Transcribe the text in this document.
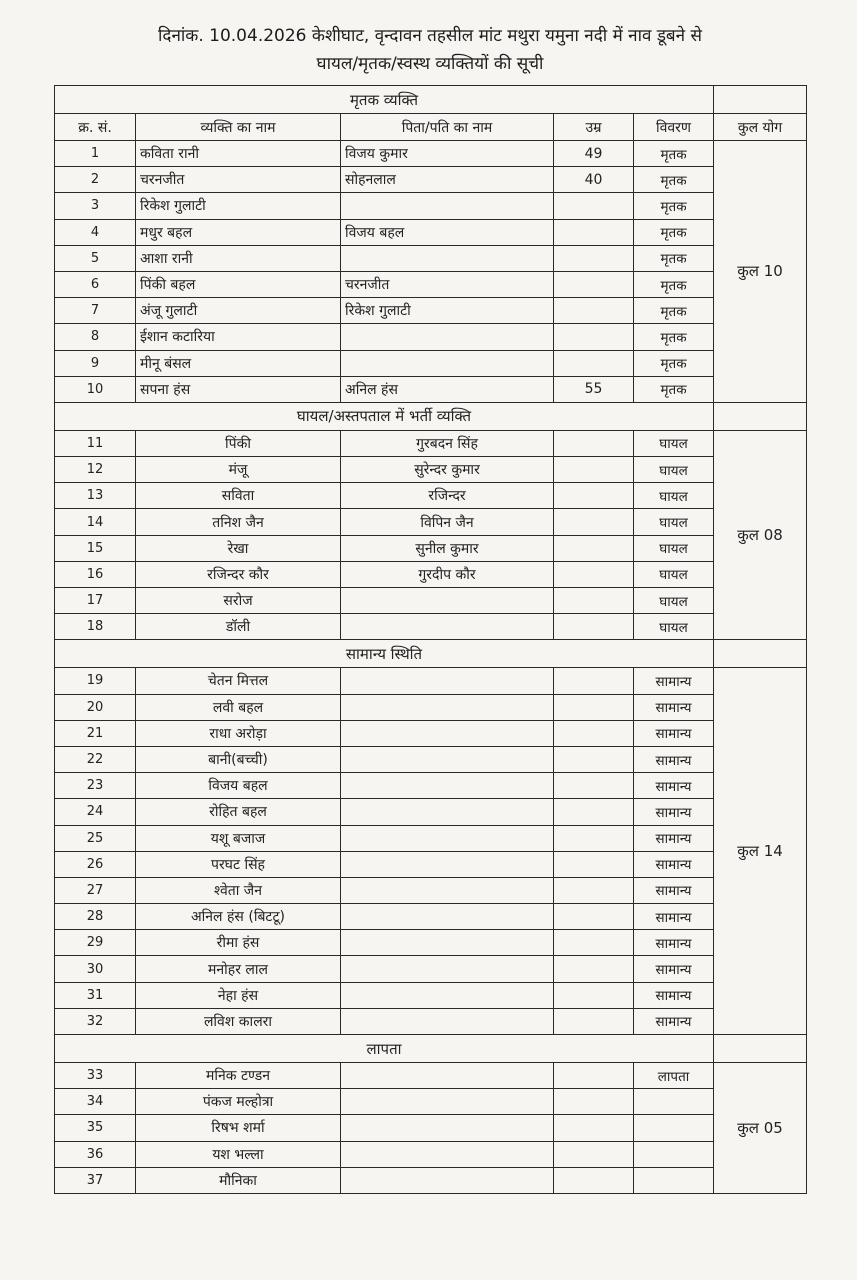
दिनांक. 10.04.2026 केशीघाट, वृन्दावन तहसील मांट मथुरा यमुना नदी में नाव डूबने से
घायल/मृतक/स्वस्थ व्यक्तियों की सूची
मृतक व्यक्ति					
क्र. सं.	व्यक्ति का नाम	पिता/पति का नाम	उम्र	विवरण	कुल योग
1	कविता रानी	विजय कुमार	49	मृतक	कुल 10
2	चरनजीत	सोहनलाल	40	मृतक	
3	रिकेश गुलाटी			मृतक	
4	मधुर बहल	विजय बहल		मृतक	
5	आशा रानी			मृतक	
6	पिंकी बहल	चरनजीत		मृतक	
7	अंजू गुलाटी	रिकेश गुलाटी		मृतक	
8	ईशान कटारिया			मृतक	
9	मीनू बंसल			मृतक	
10	सपना हंस	अनिल हंस	55	मृतक	
घायल/अस्तपताल में भर्ती व्यक्ति					
11	पिंकी	गुरबदन सिंह		घायल	कुल 08
12	मंजू	सुरेन्दर कुमार		घायल	
13	सविता	रजिन्दर		घायल	
14	तनिश जैन	विपिन जैन		घायल	
15	रेखा	सुनील कुमार		घायल	
16	रजिन्दर कौर	गुरदीप कौर		घायल	
17	सरोज			घायल	
18	डॉली			घायल	
सामान्य स्थिति					
19	चेतन मित्तल			सामान्य	कुल 14
20	लवी बहल			सामान्य	
21	राधा अरोड़ा			सामान्य	
22	बानी(बच्ची)			सामान्य	
23	विजय बहल			सामान्य	
24	रोहित बहल			सामान्य	
25	यशू बजाज			सामान्य	
26	परघट सिंह			सामान्य	
27	श्वेता जैन			सामान्य	
28	अनिल हंस (बिटटू)			सामान्य	
29	रीमा हंस			सामान्य	
30	मनोहर लाल			सामान्य	
31	नेहा हंस			सामान्य	
32	लविश कालरा			सामान्य	
लापता					
33	मनिक टण्डन			लापता	कुल 05
34	पंकज मल्होत्रा				
35	रिषभ शर्मा				
36	यश भल्ला				
37	मौनिका				
